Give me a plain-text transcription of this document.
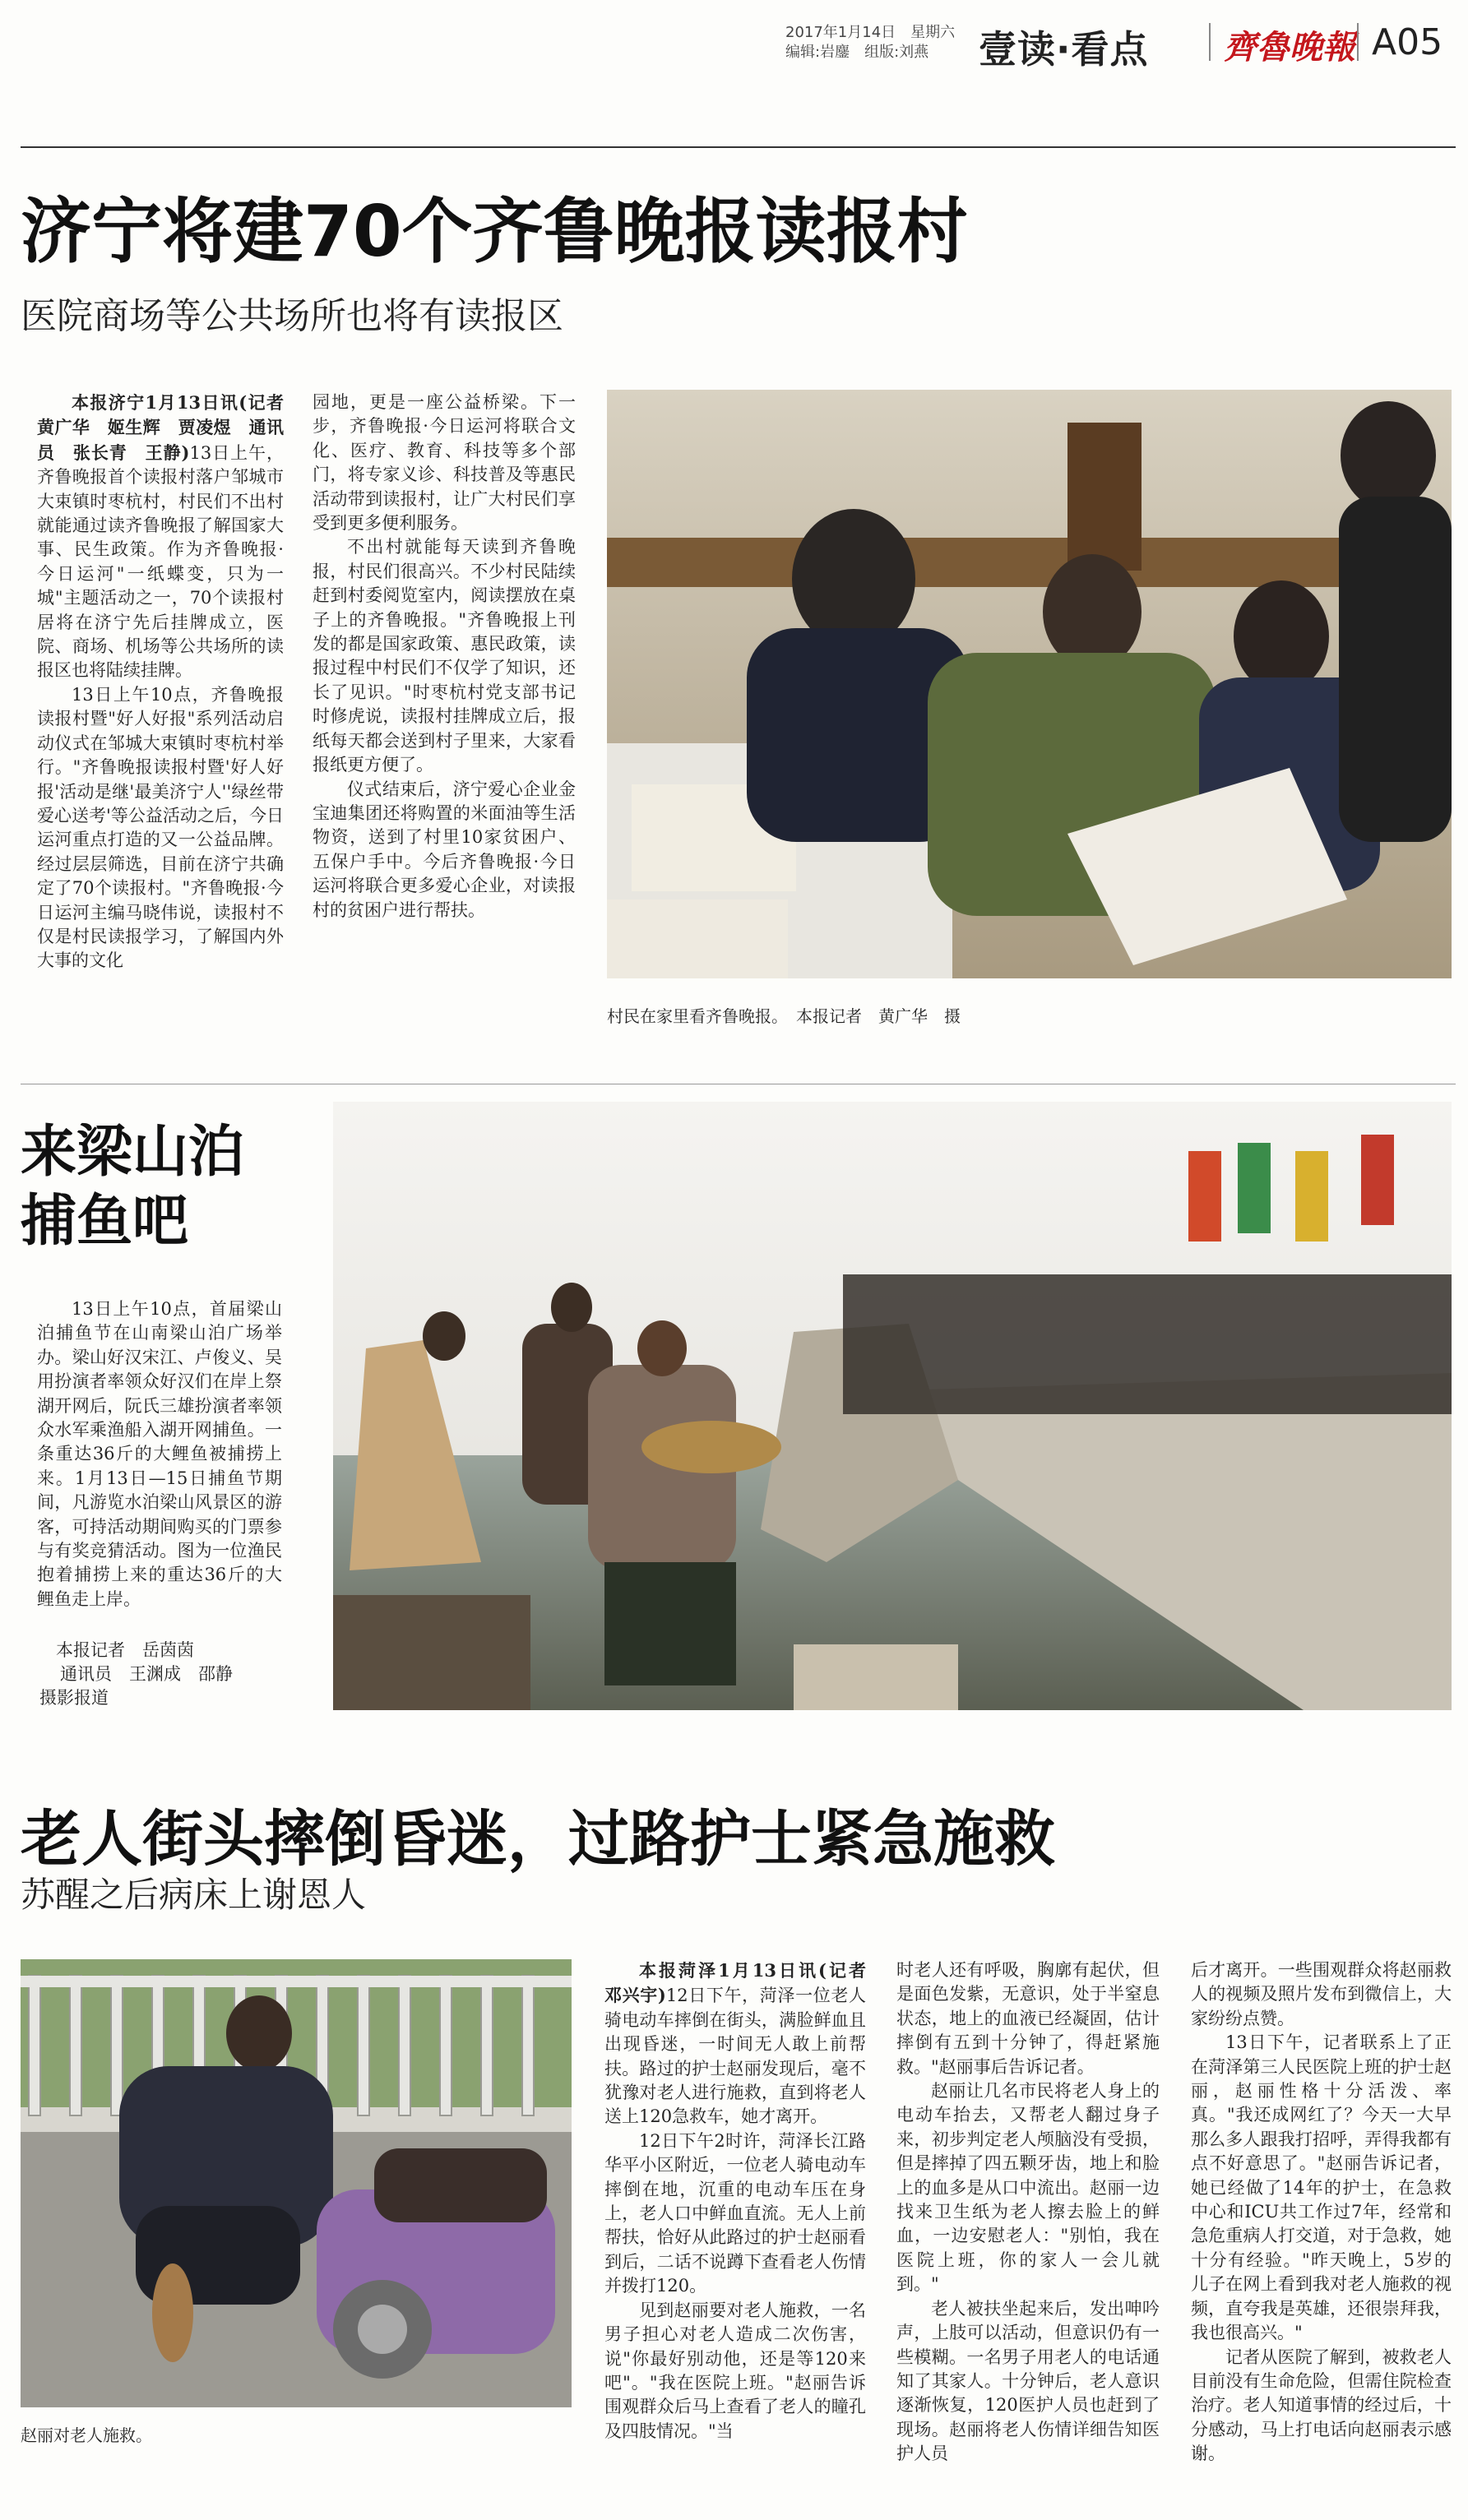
2017年1月14日　星期六
编辑:岩鏖　组版:刘燕	壹读·看点 齊魯晚報 A05
济宁将建70个齐鲁晚报读报村
医院商场等公共场所也将有读报区

本报济宁1月13日讯(记者　黄广华　姬生辉　贾凌煜　通讯员　张长青　王静)13日上午，齐鲁晚报首个读报村落户邹城市大束镇时枣杭村，村民们不出村就能通过读齐鲁晚报了解国家大事、民生政策。作为齐鲁晚报·今日运河"一纸蝶变，只为一城"主题活动之一，70个读报村居将在济宁先后挂牌成立，医院、商场、机场等公共场所的读报区也将陆续挂牌。

13日上午10点，齐鲁晚报读报村暨"好人好报"系列活动启动仪式在邹城大束镇时枣杭村举行。"齐鲁晚报读报村暨'好人好报'活动是继'最美济宁人''绿丝带爱心送考'等公益活动之后，今日运河重点打造的又一公益品牌。经过层层筛选，目前在济宁共确定了70个读报村。"齐鲁晚报·今日运河主编马晓伟说，读报村不仅是村民读报学习，了解国内外大事的文化

园地，更是一座公益桥梁。下一步，齐鲁晚报·今日运河将联合文化、医疗、教育、科技等多个部门，将专家义诊、科技普及等惠民活动带到读报村，让广大村民们享受到更多便利服务。

不出村就能每天读到齐鲁晚报，村民们很高兴。不少村民陆续赶到村委阅览室内，阅读摆放在桌子上的齐鲁晚报。"齐鲁晚报上刊发的都是国家政策、惠民政策，读报过程中村民们不仅学了知识，还长了见识。"时枣杭村党支部书记时修虎说，读报村挂牌成立后，报纸每天都会送到村子里来，大家看报纸更方便了。

仪式结束后，济宁爱心企业金宝迪集团还将购置的米面油等生活物资，送到了村里10家贫困户、五保户手中。今后齐鲁晚报·今日运河将联合更多爱心企业，对读报村的贫困户进行帮扶。

村民在家里看齐鲁晚报。　本报记者　黄广华　摄
来梁山泊
捕鱼吧

13日上午10点，首届梁山泊捕鱼节在山南梁山泊广场举办。梁山好汉宋江、卢俊义、吴用扮演者率领众好汉们在岸上祭湖开网后，阮氏三雄扮演者率领众水军乘渔船入湖开网捕鱼。一条重达36斤的大鲤鱼被捕捞上来。1月13日—15日捕鱼节期间，凡游览水泊梁山风景区的游客，可持活动期间购买的门票参与有奖竞猜活动。图为一位渔民抱着捕捞上来的重达36斤的大鲤鱼走上岸。

本报记者　岳茵茵
通讯员　王渊成　邵静
摄影报道
老人街头摔倒昏迷，过路护士紧急施救
苏醒之后病床上谢恩人
赵丽对老人施救。

本报菏泽1月13日讯(记者　邓兴宇)12日下午，菏泽一位老人骑电动车摔倒在街头，满脸鲜血且出现昏迷，一时间无人敢上前帮扶。路过的护士赵丽发现后，毫不犹豫对老人进行施救，直到将老人送上120急救车，她才离开。

12日下午2时许，菏泽长江路华平小区附近，一位老人骑电动车摔倒在地，沉重的电动车压在身上，老人口中鲜血直流。无人上前帮扶，恰好从此路过的护士赵丽看到后，二话不说蹲下查看老人伤情并拨打120。

见到赵丽要对老人施救，一名男子担心对老人造成二次伤害，说"你最好别动他，还是等120来吧"。"我在医院上班。"赵丽告诉围观群众后马上查看了老人的瞳孔及四肢情况。"当

时老人还有呼吸，胸廓有起伏，但是面色发紫，无意识，处于半窒息状态，地上的血液已经凝固，估计摔倒有五到十分钟了，得赶紧施救。"赵丽事后告诉记者。

赵丽让几名市民将老人身上的电动车抬去，又帮老人翻过身子来，初步判定老人颅脑没有受损，但是摔掉了四五颗牙齿，地上和脸上的血多是从口中流出。赵丽一边找来卫生纸为老人擦去脸上的鲜血，一边安慰老人："别怕，我在医院上班，你的家人一会儿就到。"

老人被扶坐起来后，发出呻吟声，上肢可以活动，但意识仍有一些模糊。一名男子用老人的电话通知了其家人。十分钟后，老人意识逐渐恢复，120医护人员也赶到了现场。赵丽将老人伤情详细告知医护人员

后才离开。一些围观群众将赵丽救人的视频及照片发布到微信上，大家纷纷点赞。

13日下午，记者联系上了正在菏泽第三人民医院上班的护士赵丽，赵丽性格十分活泼、率真。"我还成网红了？今天一大早那么多人跟我打招呼，弄得我都有点不好意思了。"赵丽告诉记者，她已经做了14年的护士，在急救中心和ICU共工作过7年，经常和急危重病人打交道，对于急救，她十分有经验。"昨天晚上，5岁的儿子在网上看到我对老人施救的视频，直夸我是英雄，还很崇拜我，我也很高兴。"

记者从医院了解到，被救老人目前没有生命危险，但需住院检查治疗。老人知道事情的经过后，十分感动，马上打电话向赵丽表示感谢。
